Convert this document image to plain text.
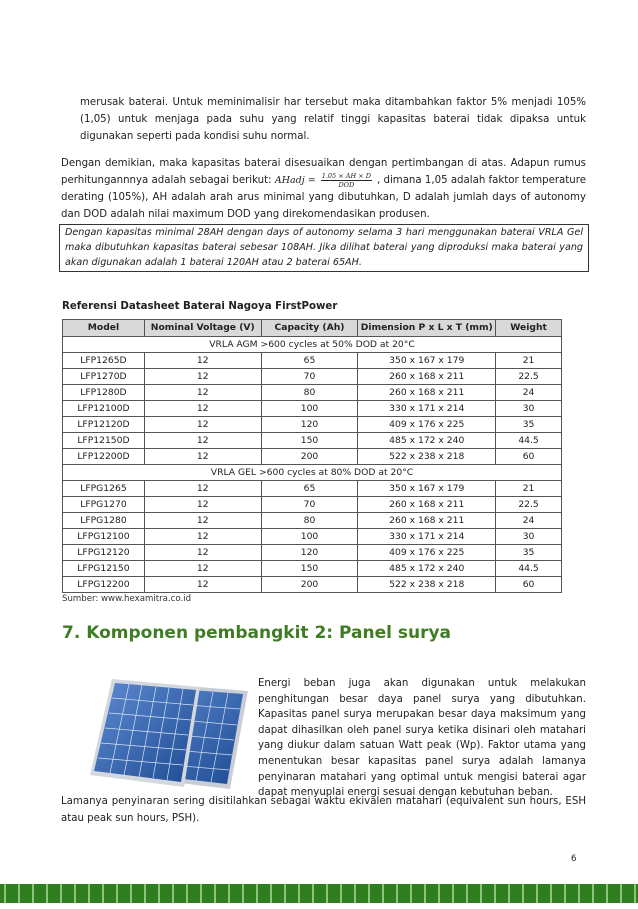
merusak baterai. Untuk meminimalisir har tersebut maka ditambahkan faktor 5% menjadi 105% (1,05) untuk menjaga pada suhu yang relatif tinggi kapasitas baterai tidak dipaksa untuk digunakan seperti pada kondisi suhu normal.
Dengan demikian, maka kapasitas baterai disesuaikan dengan pertimbangan di atas. Adapun rumus perhitungannnya adalah sebagai berikut: AHadj = $\frac{1.05 \times AH \times D}{\text{DOD}}$ , dimana 1,05 adalah faktor temperature derating (105%), AH adalah arah arus minimal yang dibutuhkan, D adalah jumlah days of autonomy dan DOD adalah nilai maximum DOD yang direkomendasikan produsen.
Dengan kapasitas minimal 28AH dengan days of autonomy selama 3 hari menggunakan baterai VRLA Gel maka dibutuhkan kapasitas baterai sebesar 108AH. Jika dilihat baterai yang diproduksi maka baterai yang akan digunakan adalah 1 baterai 120AH atau 2 baterai 65AH.
Referensi Datasheet Baterai Nagoya FirstPower
Model	Nominal Voltage (V)	Capacity (Ah)	Dimension P x L x T (mm)	Weight
VRLA AGM >600 cycles at 50% DOD at 20°C				
LFP1265D	12	65	350 x 167 x 179	21
LFP1270D	12	70	260 x 168 x 211	22.5
LFP1280D	12	80	260 x 168 x 211	24
LFP12100D	12	100	330 x 171 x 214	30
LFP12120D	12	120	409 x 176 x 225	35
LFP12150D	12	150	485 x 172 x 240	44.5
LFP12200D	12	200	522 x 238 x 218	60
VRLA GEL >600 cycles at 80% DOD at 20°C				
LFPG1265	12	65	350 x 167 x 179	21
LFPG1270	12	70	260 x 168 x 211	22.5
LFPG1280	12	80	260 x 168 x 211	24
LFPG12100	12	100	330 x 171 x 214	30
LFPG12120	12	120	409 x 176 x 225	35
LFPG12150	12	150	485 x 172 x 240	44.5
LFPG12200	12	200	522 x 238 x 218	60
Sumber: www.hexamitra.co.id
7. Komponen pembangkit 2: Panel surya
Energi beban juga akan digunakan untuk melakukan penghitungan besar daya panel surya yang dibutuhkan. Kapasitas panel surya merupakan besar daya maksimum yang dapat dihasilkan oleh panel surya ketika disinari oleh matahari yang diukur dalam satuan Watt peak (Wp). Faktor utama yang menentukan besar kapasitas panel surya adalah lamanya penyinaran matahari yang optimal untuk mengisi baterai agar dapat menyuplai energi sesuai dengan kebutuhan beban.
Lamanya penyinaran sering disitilahkan sebagai waktu ekivalen matahari (equivalent sun hours, ESH atau peak sun hours, PSH).
6
